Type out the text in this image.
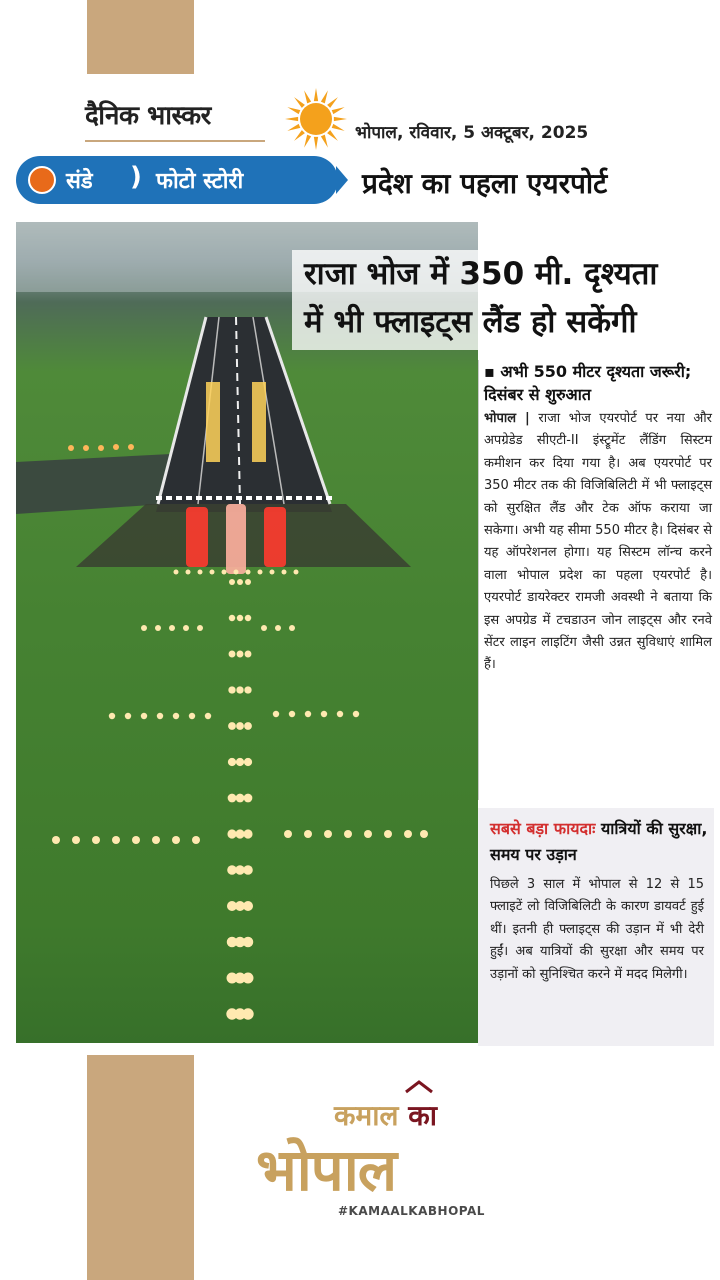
दैनिक भास्कर
भोपाल, रविवार, 5 अक्टूबर, 2025
संडे ) फोटो स्टोरी	प्रदेश का पहला एयरपोर्ट
राजा भोज में 350 मी. दृश्यता
में भी फ्लाइट्स लैंड हो सकेंगी

▪ अभी 550 मीटर दृश्यता जरूरी; दिसंबर से शुरुआत

भोपाल | राजा भोज एयरपोर्ट पर नया और अपग्रेडेड सीएटी-II इंस्ट्रूमेंट लैंडिंग सिस्टम कमीशन कर दिया गया है। अब एयरपोर्ट पर 350 मीटर तक की विजिबिलिटी में भी फ्लाइट्स को सुरक्षित लैंड और टेक ऑफ कराया जा सकेगा। अभी यह सीमा 550 मीटर है। दिसंबर से यह ऑपरेशनल होगा। यह सिस्टम लॉन्च करने वाला भोपाल प्रदेश का पहला एयरपोर्ट है। एयरपोर्ट डायरेक्टर रामजी अवस्थी ने बताया कि इस अपग्रेड में टचडाउन जोन लाइट्स और रनवे सेंटर लाइन लाइटिंग जैसी उन्नत सुविधाएं शामिल हैं।
सबसे बड़ा फायदाः यात्रियों की सुरक्षा, समय पर उड़ान
पिछले 3 साल में भोपाल से 12 से 15 फ्लाइटें लो विजिबिलिटी के कारण डायवर्ट हुई थीं। इतनी ही फ्लाइट्स की उड़ान में भी देरी हुईं। अब यात्रियों की सुरक्षा और समय पर उड़ानों को सुनिश्चित करने में मदद मिलेगी।
कमाल का
भोपाल
#KAMAALKABHOPAL
